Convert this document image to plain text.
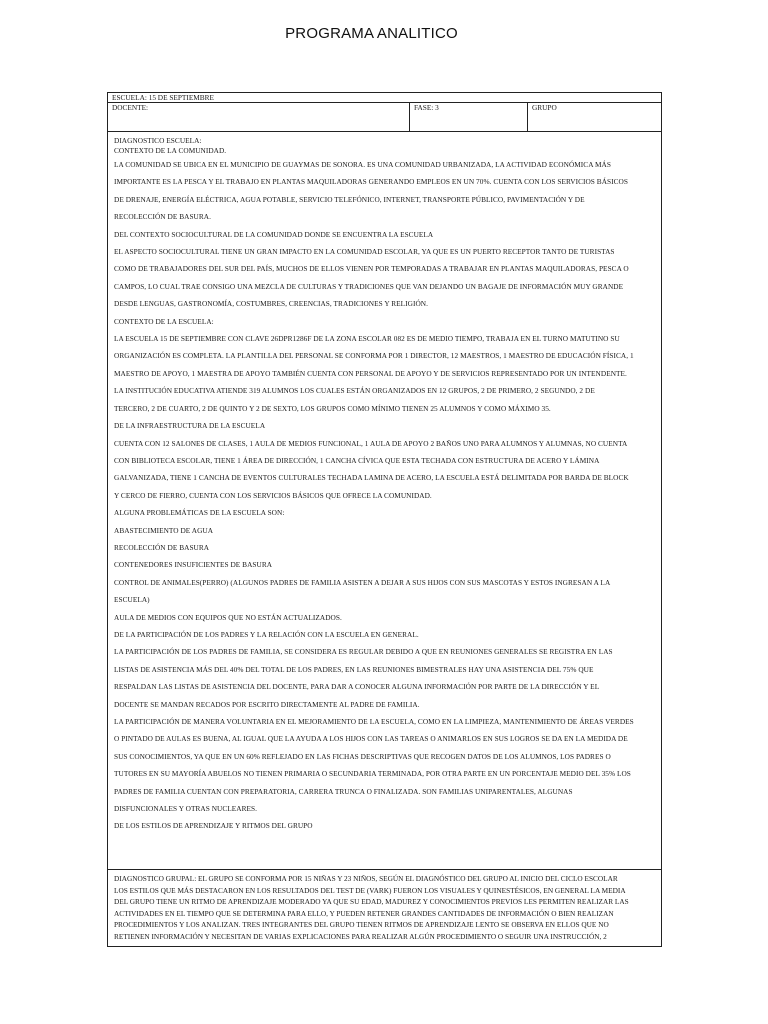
PROGRAMA ANALITICO
ESCUELA: 15 DE SEPTIEMBRE
DOCENTE:	FASE: 3	GRUPO
DIAGNOSTICO ESCUELA:
CONTEXTO DE LA COMUNIDAD.
LA COMUNIDAD SE UBICA EN EL MUNICIPIO DE GUAYMAS DE SONORA. ES UNA COMUNIDAD URBANIZADA, LA ACTIVIDAD ECONÓMICA MÁS
IMPORTANTE ES LA PESCA Y EL TRABAJO EN PLANTAS MAQUILADORAS GENERANDO EMPLEOS EN UN 70%. CUENTA CON LOS SERVICIOS BÁSICOS
DE DRENAJE, ENERGÍA ELÉCTRICA, AGUA POTABLE, SERVICIO TELEFÓNICO, INTERNET, TRANSPORTE PÚBLICO, PAVIMENTACIÓN Y DE
RECOLECCIÓN DE BASURA.
DEL CONTEXTO SOCIOCULTURAL DE LA COMUNIDAD DONDE SE ENCUENTRA LA ESCUELA
EL ASPECTO SOCIOCULTURAL TIENE UN GRAN IMPACTO EN LA COMUNIDAD ESCOLAR, YA QUE ES UN PUERTO RECEPTOR TANTO DE TURISTAS
COMO DE TRABAJADORES DEL SUR DEL PAÍS, MUCHOS DE ELLOS VIENEN POR TEMPORADAS A TRABAJAR EN PLANTAS MAQUILADORAS, PESCA O
CAMPOS, LO CUAL TRAE CONSIGO UNA MEZCLA DE CULTURAS Y TRADICIONES QUE VAN DEJANDO UN BAGAJE DE INFORMACIÓN MUY GRANDE
DESDE LENGUAS, GASTRONOMÍA, COSTUMBRES, CREENCIAS, TRADICIONES Y RELIGIÓN.
CONTEXTO DE LA ESCUELA:
LA ESCUELA 15 DE SEPTIEMBRE CON CLAVE 26DPR1286F DE LA ZONA ESCOLAR 082 ES DE MEDIO TIEMPO, TRABAJA EN EL TURNO MATUTINO SU
ORGANIZACIÓN ES COMPLETA. LA PLANTILLA DEL PERSONAL SE CONFORMA POR 1 DIRECTOR, 12 MAESTROS, 1 MAESTRO DE EDUCACIÓN FÍSICA, 1
MAESTRO DE APOYO, 1 MAESTRA DE APOYO TAMBIÉN CUENTA CON PERSONAL DE APOYO Y DE SERVICIOS REPRESENTADO POR UN INTENDENTE.
LA INSTITUCIÓN EDUCATIVA ATIENDE 319 ALUMNOS LOS CUALES ESTÁN ORGANIZADOS EN 12 GRUPOS, 2 DE PRIMERO, 2 SEGUNDO, 2 DE
TERCERO, 2 DE CUARTO, 2 DE QUINTO Y 2 DE SEXTO, LOS GRUPOS COMO MÍNIMO TIENEN 25 ALUMNOS Y COMO MÁXIMO 35.
DE LA INFRAESTRUCTURA DE LA ESCUELA
CUENTA CON 12 SALONES DE CLASES, 1 AULA DE MEDIOS FUNCIONAL, 1 AULA DE APOYO 2 BAÑOS UNO PARA ALUMNOS Y ALUMNAS, NO CUENTA
CON BIBLIOTECA ESCOLAR, TIENE 1 ÁREA DE DIRECCIÓN, 1 CANCHA CÍVICA QUE ESTA TECHADA CON ESTRUCTURA DE ACERO Y LÁMINA
GALVANIZADA, TIENE 1 CANCHA DE EVENTOS CULTURALES TECHADA LAMINA DE ACERO, LA ESCUELA ESTÁ DELIMITADA POR BARDA DE BLOCK
Y CERCO DE FIERRO, CUENTA CON LOS SERVICIOS BÁSICOS QUE OFRECE LA COMUNIDAD.
ALGUNA PROBLEMÁTICAS DE LA ESCUELA SON:
ABASTECIMIENTO DE AGUA
RECOLECCIÓN DE BASURA
CONTENEDORES INSUFICIENTES DE BASURA
CONTROL DE ANIMALES(PERRO) (ALGUNOS PADRES DE FAMILIA ASISTEN A DEJAR A SUS HIJOS CON SUS MASCOTAS Y ESTOS INGRESAN A LA
ESCUELA)
AULA DE MEDIOS CON EQUIPOS QUE NO ESTÁN ACTUALIZADOS.
DE LA PARTICIPACIÓN DE LOS PADRES Y LA RELACIÓN CON LA ESCUELA EN GENERAL.
LA PARTICIPACIÓN DE LOS PADRES DE FAMILIA, SE CONSIDERA ES REGULAR DEBIDO A QUE EN REUNIONES GENERALES SE REGISTRA EN LAS
LISTAS DE ASISTENCIA MÁS DEL 40% DEL TOTAL DE LOS PADRES, EN LAS REUNIONES BIMESTRALES HAY UNA ASISTENCIA DEL 75% QUE
RESPALDAN LAS LISTAS DE ASISTENCIA DEL DOCENTE, PARA DAR A CONOCER ALGUNA INFORMACIÓN POR PARTE DE LA DIRECCIÓN Y EL
DOCENTE SE MANDAN RECADOS POR ESCRITO DIRECTAMENTE AL PADRE DE FAMILIA.
LA PARTICIPACIÓN DE MANERA VOLUNTARIA EN EL MEJORAMIENTO DE LA ESCUELA, COMO EN LA LIMPIEZA, MANTENIMIENTO DE ÁREAS VERDES
O PINTADO DE AULAS ES BUENA, AL IGUAL QUE LA AYUDA A LOS HIJOS CON LAS TAREAS O ANIMARLOS EN SUS LOGROS SE DA EN LA MEDIDA DE
SUS CONOCIMIENTOS, YA QUE EN UN 60% REFLEJADO EN LAS FICHAS DESCRIPTIVAS QUE RECOGEN DATOS DE LOS ALUMNOS, LOS PADRES O
TUTORES EN SU MAYORÍA ABUELOS NO TIENEN PRIMARIA O SECUNDARIA TERMINADA, POR OTRA PARTE EN UN PORCENTAJE MEDIO DEL 35% LOS
PADRES DE FAMILIA CUENTAN CON PREPARATORIA, CARRERA TRUNCA O FINALIZADA. SON FAMILIAS UNIPARENTALES, ALGUNAS
DISFUNCIONALES Y OTRAS NUCLEARES.
DE LOS ESTILOS DE APRENDIZAJE Y RITMOS DEL GRUPO
DIAGNOSTICO GRUPAL: EL GRUPO SE CONFORMA POR 15 NIÑAS Y 23 NIÑOS, SEGÚN EL DIAGNÓSTICO DEL GRUPO AL INICIO DEL CICLO ESCOLAR
LOS ESTILOS QUE MÁS DESTACARON EN LOS RESULTADOS DEL TEST DE (VARK) FUERON LOS VISUALES Y QUINESTÉSICOS, EN GENERAL LA MEDIA
DEL GRUPO TIENE UN RITMO DE APRENDIZAJE MODERADO YA QUE SU EDAD, MADUREZ Y CONOCIMIENTOS PREVIOS LES PERMITEN REALIZAR LAS
ACTIVIDADES EN EL TIEMPO QUE SE DETERMINA PARA ELLO, Y PUEDEN RETENER GRANDES CANTIDADES DE INFORMACIÓN O BIEN REALIZAN
PROCEDIMIENTOS Y LOS ANALIZAN. TRES INTEGRANTES DEL GRUPO TIENEN RITMOS DE APRENDIZAJE LENTO SE OBSERVA EN ELLOS QUE NO
RETIENEN INFORMACIÓN Y NECESITAN DE VARIAS EXPLICACIONES PARA REALIZAR ALGÚN PROCEDIMIENTO O SEGUIR UNA INSTRUCCIÓN, 2
